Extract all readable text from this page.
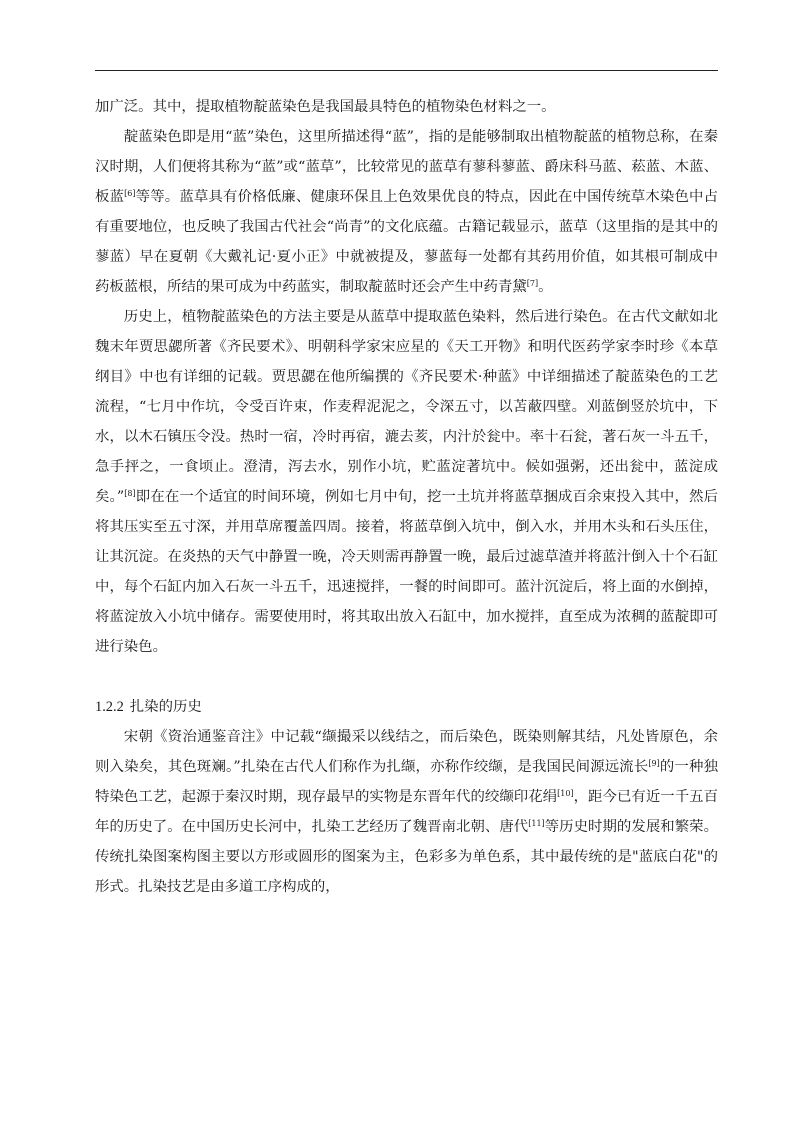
加广泛。其中，提取植物靛蓝染色是我国最具特色的植物染色材料之一。

靛蓝染色即是用“蓝”染色，这里所描述得“蓝”，指的是能够制取出植物靛蓝的植物总称，在秦汉时期，人们便将其称为“蓝”或“蓝草”，比较常见的蓝草有蓼科蓼蓝、爵床科马蓝、菘蓝、木蓝、板蓝[6]等等。蓝草具有价格低廉、健康环保且上色效果优良的特点，因此在中国传统草木染色中占有重要地位，也反映了我国古代社会“尚青”的文化底蕴。古籍记载显示，蓝草（这里指的是其中的蓼蓝）早在夏朝《大戴礼记·夏小正》中就被提及，蓼蓝每一处都有其药用价值，如其根可制成中药板蓝根，所结的果可成为中药蓝实，制取靛蓝时还会产生中药青黛[7]。

历史上，植物靛蓝染色的方法主要是从蓝草中提取蓝色染料，然后进行染色。在古代文献如北魏末年贾思勰所著《齐民要术》、明朝科学家宋应星的《天工开物》和明代医药学家李时珍《本草纲目》中也有详细的记载。贾思勰在他所编撰的《齐民要术·种蓝》中详细描述了靛蓝染色的工艺流程，“七月中作坑，令受百许束，作麦稈泥泥之，令深五寸，以苫蔽四壁。刈蓝倒竖於坑中，下水，以木石镇压令没。热时一宿，冷时再宿，漉去荄，内汁於瓮中。率十石瓮，著石灰一斗五千，急手抨之，一食顷止。澄清，泻去水，别作小坑，贮蓝淀著坑中。候如强粥，还出瓮中，蓝淀成矣。”[8]即在在一个适宜的时间环境，例如七月中旬，挖一土坑并将蓝草捆成百余束投入其中，然后将其压实至五寸深，并用草席覆盖四周。接着，将蓝草倒入坑中，倒入水，并用木头和石头压住，让其沉淀。在炎热的天气中静置一晚，冷天则需再静置一晚，最后过滤草渣并将蓝汁倒入十个石缸中，每个石缸内加入石灰一斗五千，迅速搅拌，一餐的时间即可。蓝汁沉淀后，将上面的水倒掉，将蓝淀放入小坑中储存。需要使用时，将其取出放入石缸中，加水搅拌，直至成为浓稠的蓝靛即可进行染色。

1.2.2 扎染的历史

宋朝《资治通鉴音注》中记载“缬撮采以线结之，而后染色，既染则解其结，凡处皆原色，余则入染矣，其色斑斓。”扎染在古代人们称作为扎缬，亦称作绞缬，是我国民间源远流长[9]的一种独特染色工艺，起源于秦汉时期，现存最早的实物是东晋年代的绞缬印花绢[10]，距今已有近一千五百年的历史了。在中国历史长河中，扎染工艺经历了魏晋南北朝、唐代[11]等历史时期的发展和繁荣。传统扎染图案构图主要以方形或圆形的图案为主，色彩多为单色系，其中最传统的是"蓝底白花"的形式。扎染技艺是由多道工序构成的，
